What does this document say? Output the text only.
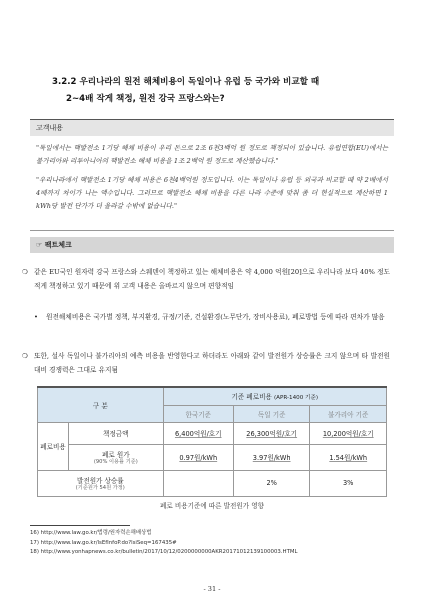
3.2.2 우리나라의 원전 해체비용이 독일이나 유럽 등 국가와 비교할 때
2~4배 작게 책정, 원전 강국 프랑스와는?
고객내용

"독일에서는 핵발전소 1기당 해체 비용이 우리 돈으로 2조 6천3백억 원 정도로 책정되어 있습니다. 유럽연합(EU)에서는 불가리아와 리투아니아의 핵발전소 해체 비용을 1조 2백억 원 정도로 계산했습니다."

"우리나라에서 핵발전소 1기당 해체 비용은 6천4백억원 정도입니다. 이는 독일이나 유럽 등 외국과 비교할 때 약 2배에서 4배까지 차이가 나는 액수입니다. 그러므로 핵발전소 해체 비용을 다른 나라 수준에 맞춰 좀 더 현실적으로 계산하면 1 kWh당 발전 단가가 더 올라갈 수밖에 없습니다."

☞ 팩트체크
❍ 같은 EU국인 원자력 강국 프랑스와 스웨덴이 책정하고 있는 해체비용은 약 4,000 억원[20]으로 우리나라 보다 40% 정도 적게 책정하고 있기 때문에 위 고객 내용은 올바르지 않으며 편향적임
• 원전해체비용은 국가별 정책, 부지환경, 규정/기준, 건설환경(노무단가, 장비사용료), 폐로방법 등에 따라 편차가 많음
❍ 또한, 설사 독일이나 불가리아의 예측 비용을 반영한다고 하더라도 아래와 같이 발전원가 상승률은 크지 않으며 타 발전원 대비 경쟁력은 그대로 유지됨
구 분		기준 폐로비용 (APR-1400 기준)		
		한국기준	독일 기준	불가리아 기준
폐로비용	책정금액	6,400억원/호기	26,300억원/호기	10,200억원/호기
	폐로 원가
(90% 이용률 기준)	0.97원/kWh	3.97원/kWh	1.54원/kWh
발전원가 상승률
(기준원가 54원 가정)			2%	3%
폐로 비용기준에 따른 발전원가 영향
16) http://www.law.go.kr/법령/원자력손해배상법
17) http://www.law.go.kr/lsEfInfoP.do?lsiSeq=167435#
18) http://www.yonhapnews.co.kr/bulletin/2017/10/12/0200000000AKR20171012139100003.HTML
- 31 -
